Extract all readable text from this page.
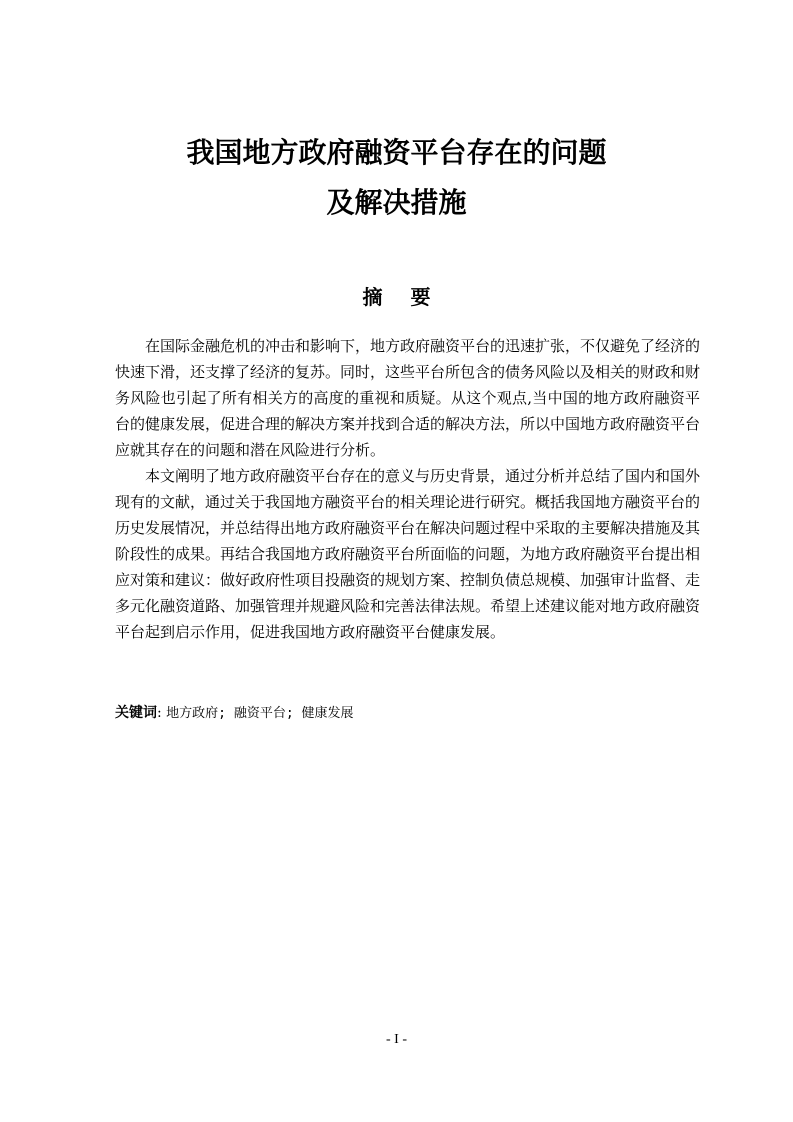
我国地方政府融资平台存在的问题
及解决措施
摘要

在国际金融危机的冲击和影响下，地方政府融资平台的迅速扩张，不仅避免了经济的快速下滑，还支撑了经济的复苏。同时，这些平台所包含的债务风险以及相关的财政和财务风险也引起了所有相关方的高度的重视和质疑。从这个观点,当中国的地方政府融资平台的健康发展，促进合理的解决方案并找到合适的解决方法，所以中国地方政府融资平台应就其存在的问题和潜在风险进行分析。

本文阐明了地方政府融资平台存在的意义与历史背景，通过分析并总结了国内和国外现有的文献，通过关于我国地方融资平台的相关理论进行研究。概括我国地方融资平台的历史发展情况，并总结得出地方政府融资平台在解决问题过程中采取的主要解决措施及其阶段性的成果。再结合我国地方政府融资平台所面临的问题，为地方政府融资平台提出相应对策和建议：做好政府性项目投融资的规划方案、控制负债总规模、加强审计监督、走多元化融资道路、加强管理并规避风险和完善法律法规。希望上述建议能对地方政府融资平台起到启示作用，促进我国地方政府融资平台健康发展。

关键词: 地方政府; 融资平台; 健康发展

- I -
